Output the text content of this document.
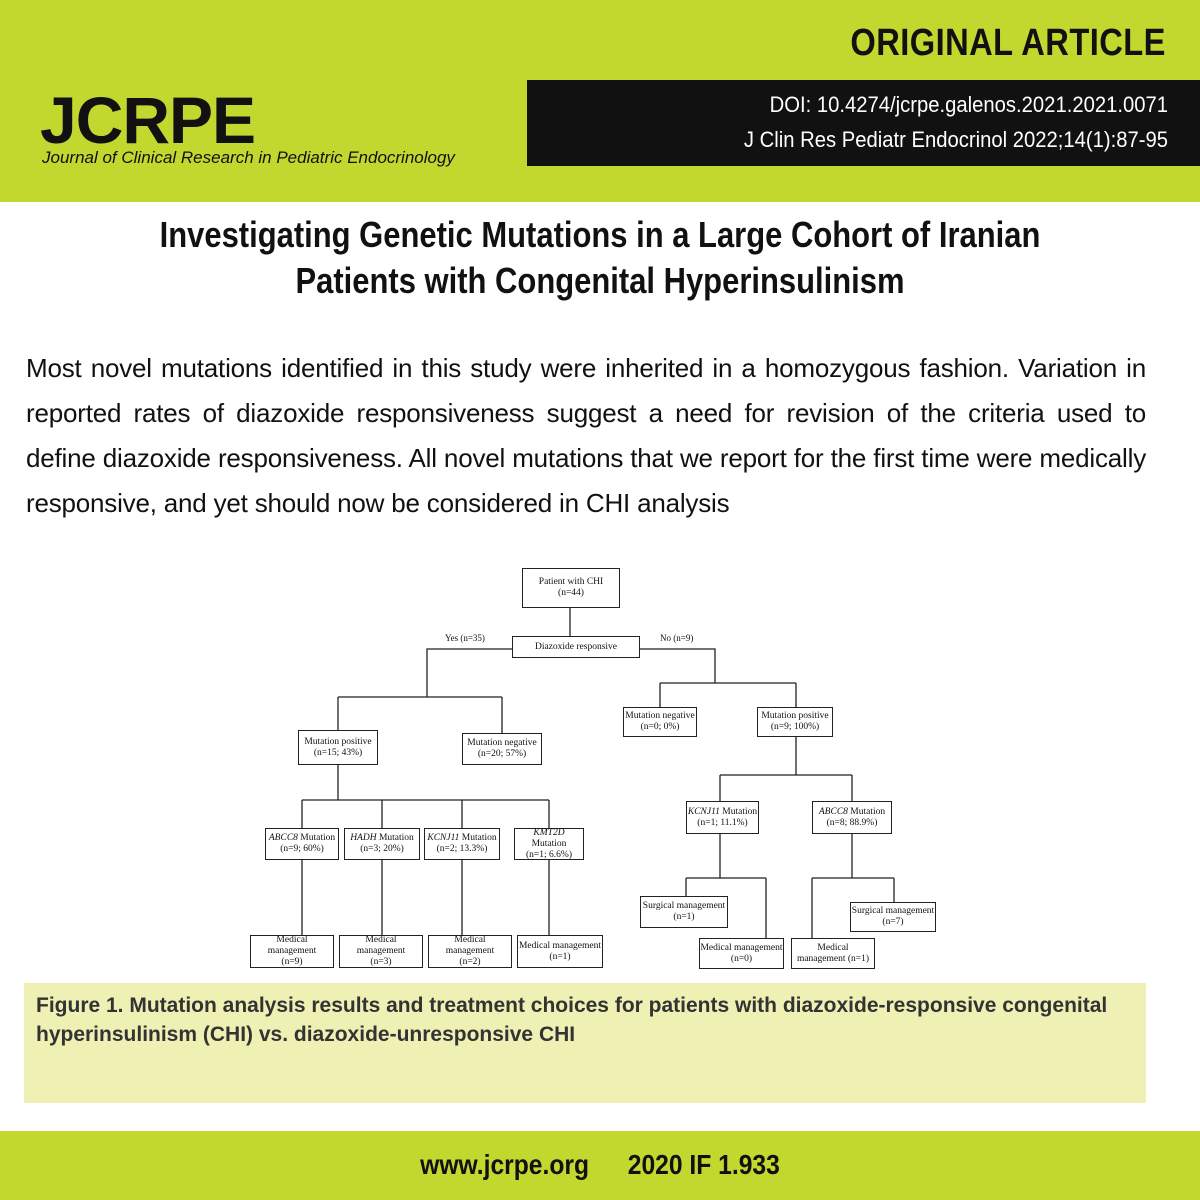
ORIGINAL ARTICLE
JCRPE
Journal of Clinical Research in Pediatric Endocrinology
DOI: 10.4274/jcrpe.galenos.2021.2021.0071
J Clin Res Pediatr Endocrinol 2022;14(1):87-95
Investigating Genetic Mutations in a Large Cohort of Iranian Patients with Congenital Hyperinsulinism
Most novel mutations identified in this study were inherited in a homozygous fashion. Variation in reported rates of diazoxide responsiveness suggest a need for revision of the criteria used to define diazoxide responsiveness. All novel mutations that we report for the first time were medically responsive, and yet should now be considered in CHI analysis
Yes (n=35)	No (n=9)
Patient with CHI
(n=44)
Diazoxide responsive
Mutation positive
(n=15; 43%)
Mutation negative
(n=20; 57%)
ABCC8 Mutation
(n=9; 60%)
HADH Mutation
(n=3; 20%)
KCNJ11 Mutation
(n=2; 13.3%)
KMT2D Mutation
(n=1; 6.6%)
Medical management
(n=9)
Medical management
(n=3)
Medical management
(n=2)
Medical management
(n=1)
Mutation negative
(n=0; 0%)
Mutation positive
(n=9; 100%)
KCNJ11 Mutation
(n=1; 11.1%)
ABCC8 Mutation
(n=8; 88.9%)
Surgical management
(n=1)
Medical management
(n=0)
Medical
management (n=1)
Surgical management
(n=7)
Figure 1. Mutation analysis results and treatment choices for patients with diazoxide-responsive congenital hyperinsulinism (CHI) vs. diazoxide-unresponsive CHI
www.jcrpe.org 2020 IF 1.933
